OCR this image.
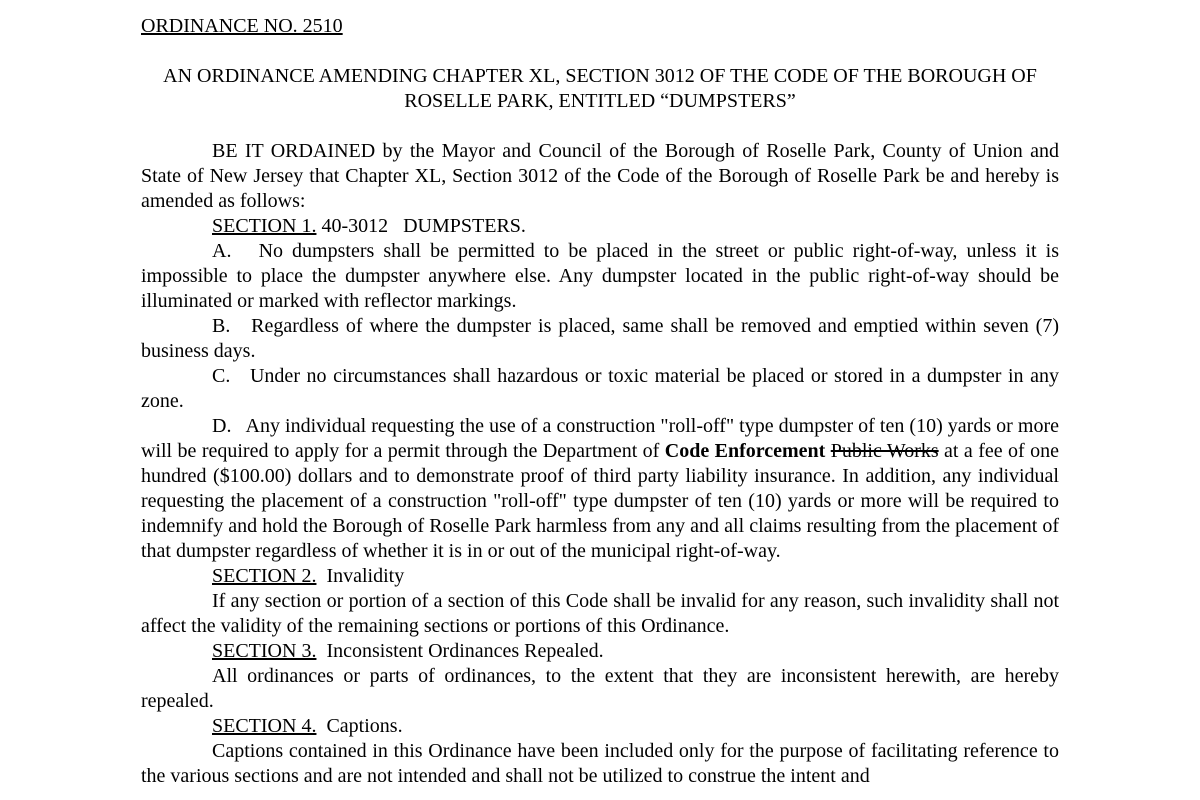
ORDINANCE NO. 2510

AN ORDINANCE AMENDING CHAPTER XL, SECTION 3012 OF THE CODE OF THE BOROUGH OF ROSELLE PARK, ENTITLED “DUMPSTERS”

BE IT ORDAINED by the Mayor and Council of the Borough of Roselle Park, County of Union and State of New Jersey that Chapter XL, Section 3012 of the Code of the Borough of Roselle Park be and hereby is amended as follows:

SECTION 1. 40-3012   DUMPSTERS.

A.   No dumpsters shall be permitted to be placed in the street or public right-of-way, unless it is impossible to place the dumpster anywhere else. Any dumpster located in the public right-of-way should be illuminated or marked with reflector markings.

B.   Regardless of where the dumpster is placed, same shall be removed and emptied within seven (7) business days.

C.   Under no circumstances shall hazardous or toxic material be placed or stored in a dumpster in any zone.

D.   Any individual requesting the use of a construction "roll-off" type dumpster of ten (10) yards or more will be required to apply for a permit through the Department of Code Enforcement Public Works at a fee of one hundred ($100.00) dollars and to demonstrate proof of third party liability insurance. In addition, any individual requesting the placement of a construction "roll-off" type dumpster of ten (10) yards or more will be required to indemnify and hold the Borough of Roselle Park harmless from any and all claims resulting from the placement of that dumpster regardless of whether it is in or out of the municipal right-of-way.

SECTION 2.  Invalidity

If any section or portion of a section of this Code shall be invalid for any reason, such invalidity shall not affect the validity of the remaining sections or portions of this Ordinance.

SECTION 3.  Inconsistent Ordinances Repealed.

All ordinances or parts of ordinances, to the extent that they are inconsistent herewith, are hereby repealed.

SECTION 4.  Captions.

Captions contained in this Ordinance have been included only for the purpose of facilitating reference to the various sections and are not intended and shall not be utilized to construe the intent and
